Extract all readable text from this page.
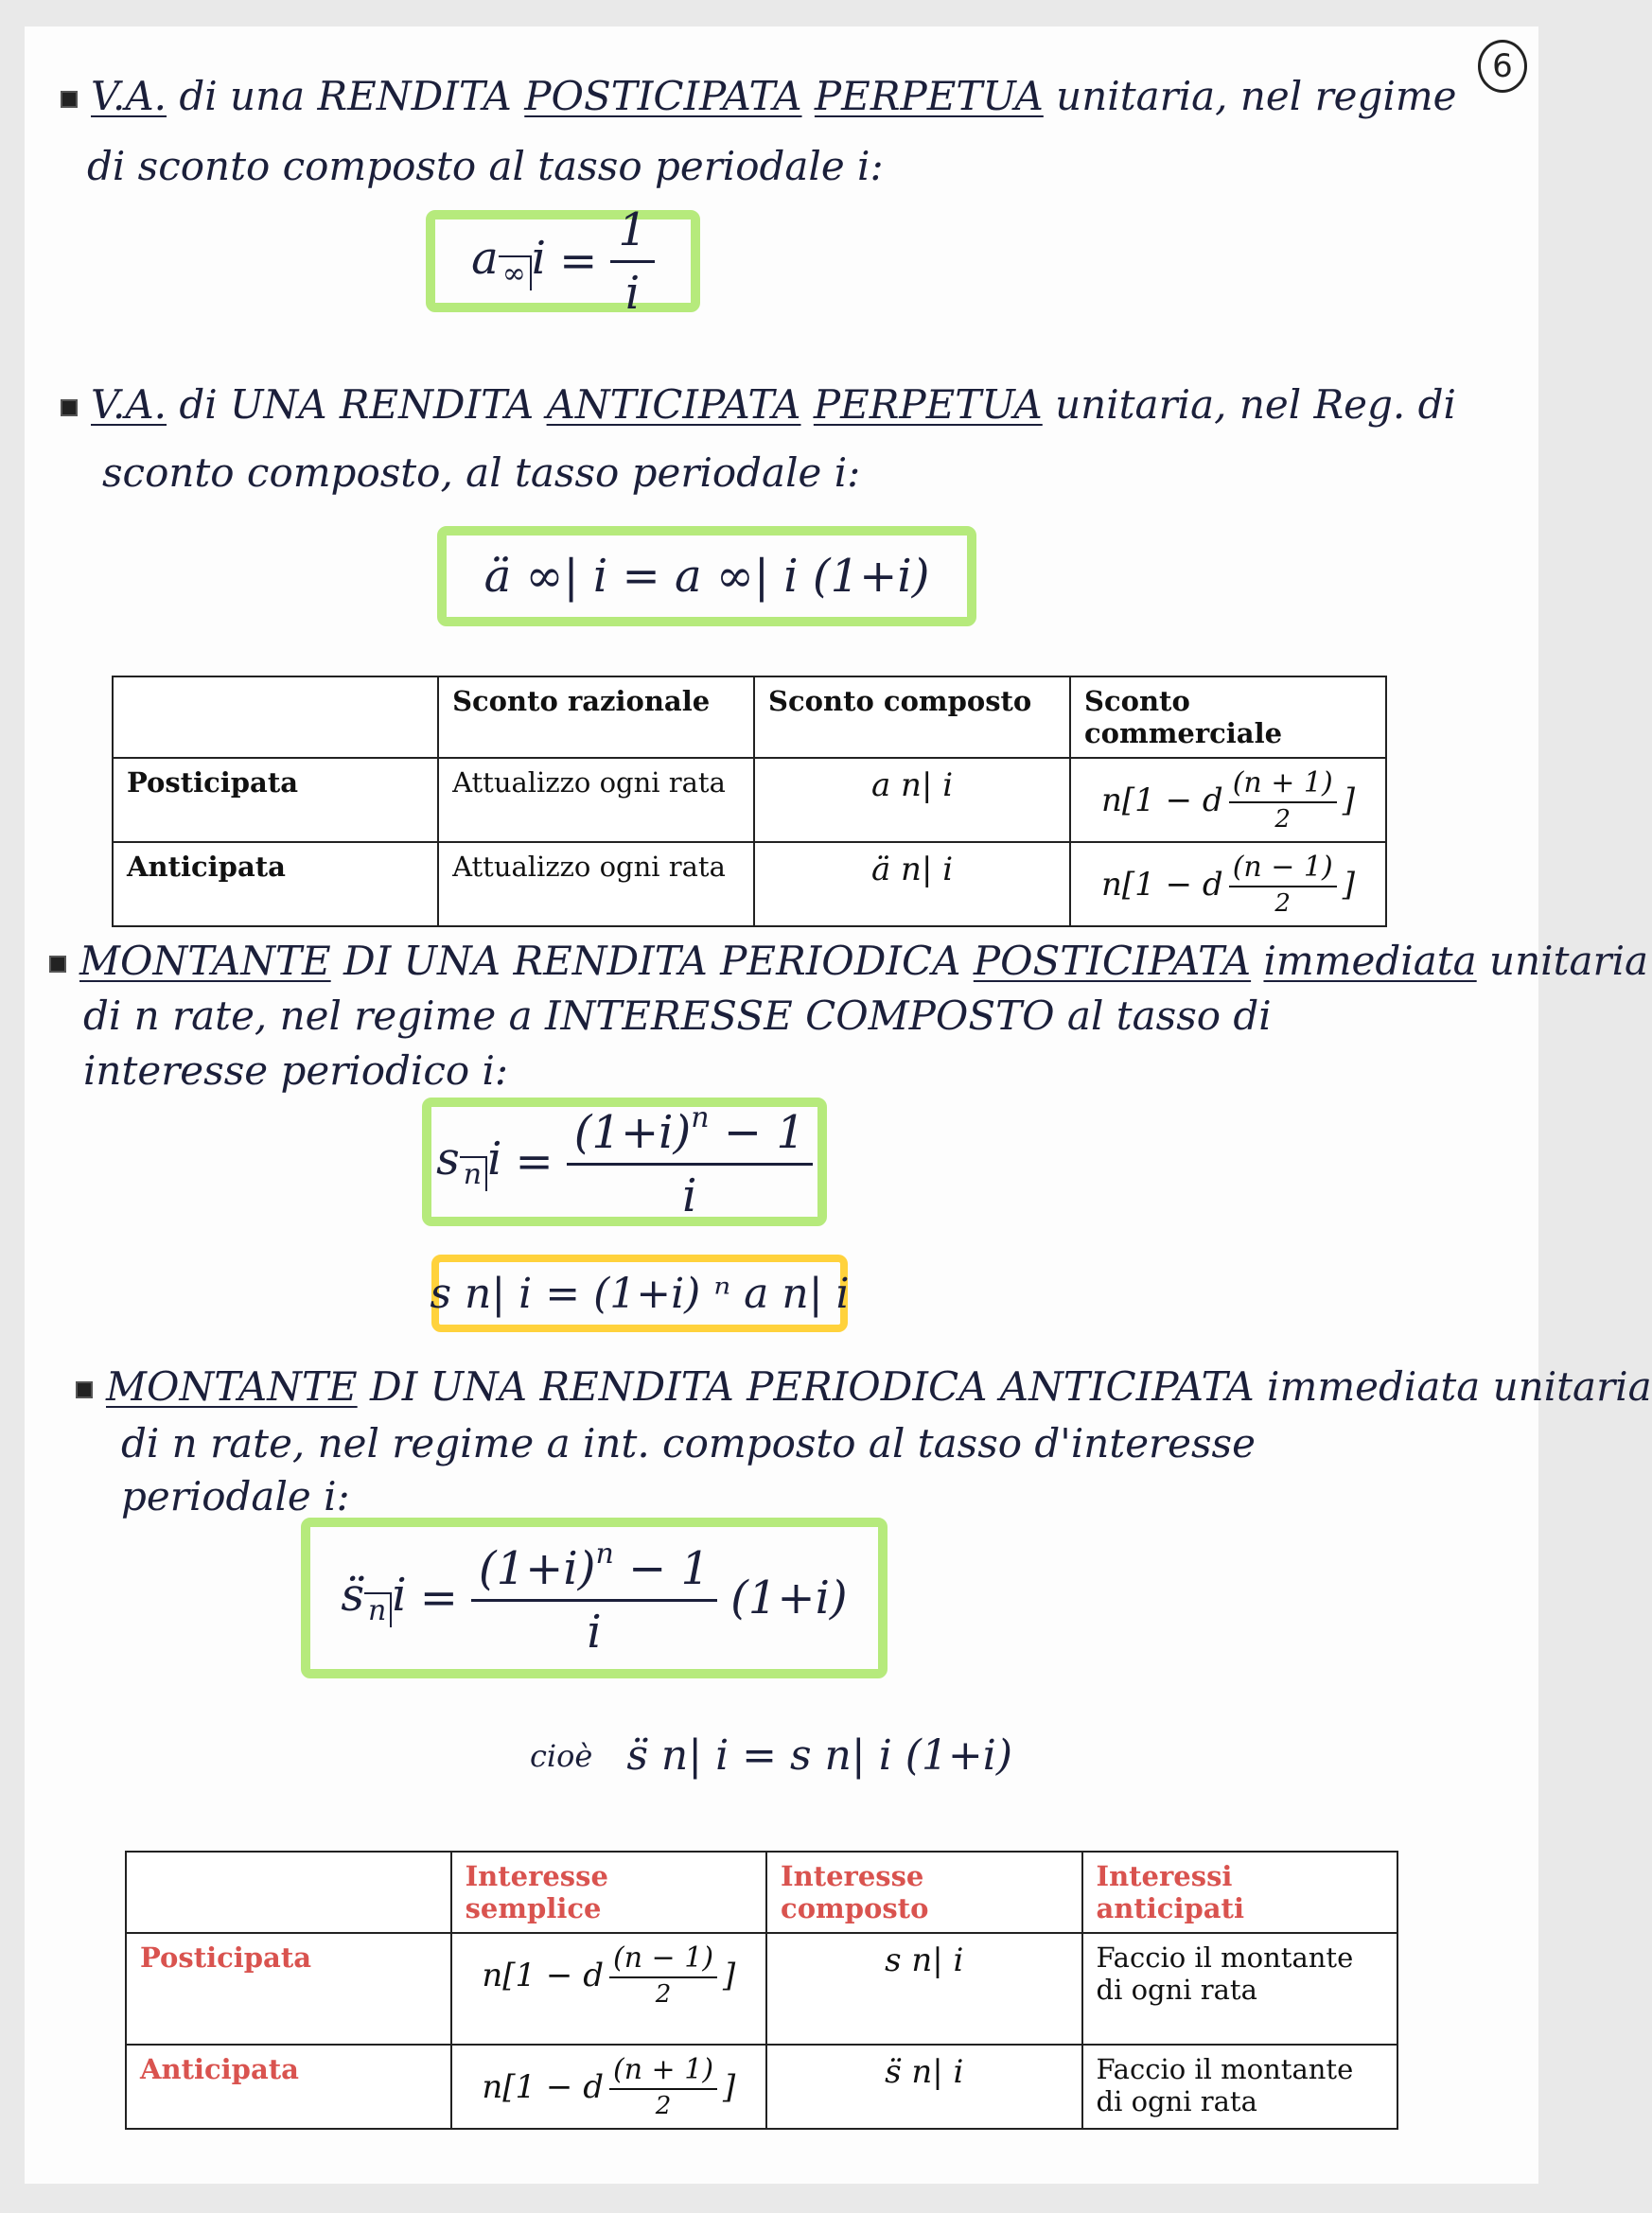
6
V.A. di una RENDITA POSTICIPATA PERPETUA unitaria, nel regime
di sconto composto al tasso periodale i:
a $_\infty$ $i = \frac{1}{i}$
V.A. di UNA RENDITA ANTICIPATA PERPETUA unitaria, nel Reg. di
sconto composto, al tasso periodale i:
ä ∞| i = a ∞| i (1+i)
	Sconto razionale	Sconto composto	Sconto commerciale
Posticipata	Attualizzo ogni rata	a n| i	n[1 − d $\frac{(n + 1)}{2}$ ]

Anticipata	Attualizzo ogni rata	ä n| i	n[1 − d $\frac{(n - 1)}{2}$ ]
MONTANTE DI UNA RENDITA PERIODICA POSTICIPATA immediata unitaria
di n rate, nel regime a INTERESSE COMPOSTO al tasso di
interesse periodico i:
s $_n$ $i = \frac{(1+i)^n - 1}{i}$
s n| i = (1+i) ⁿ a n| i
MONTANTE DI UNA RENDITA PERIODICA ANTICIPATA immediata unitaria
di n rate, nel regime a int. composto al tasso d'interesse
periodale i:
s̈ $_n$ $i = \frac{(1+i)^n - 1}{i} (1+i)$
cioè s̈ n| i = s n| i (1+i)
	Interesse semplice	Interesse composto	Interessi anticipati
Posticipata	n[1 − d $\frac{(n - 1)}{2}$ ]	s n| i	Faccio il montante di ogni rata
Anticipata	n[1 − d $\frac{(n + 1)}{2}$ ]	s̈ n| i	Faccio il montante di ogni rata
